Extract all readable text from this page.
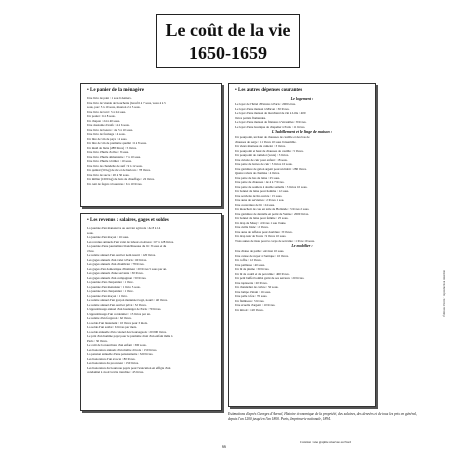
Le coût de la vie
1650-1659
• Le panier de la ménagère
Une livre de pain : 1 sou 6 deniers.
Une livre de viande de boucherie (bœuf 6 à 7 sous, veau 4 à 5
sous, porc 5 à 10 sous, mouton 2 à 5 sous.
Une livre de lard : 5 à 24 sous.
Un poulet : 6 à 8 sous.
Un chapon : 24 à 40 sous.
Une douzaine d'œufs : 4 à 6 sous.
Une livre de beurre : de 5 à 10 sous.
Une livre de fromage : 4 sous.
Un litre de vin de pays : 4 sous.
Un litre de vin de première qualité : 6 à 8 sous.
Un muid de bière (288 litres) : 5 livres.
Une livre d'huile d'olive : 8 sous.
Une livre d'huile alimentaire : 7 à 10 sous.
Une livre d'huile à brûler : 10 sous.
Une livre de chandelle de suif : 9 à 12 sous.
Un quintal (50 kg) de riz et de haricots : 78 livres.
Une livre de sucre : 20 à 50 sous.
Un millier (1000 kg) de bois de chauffage : 22 livres.
Un cent de fagots à bourrées : 6 à 10 livres.
• Les revenus : salaires, gages et soldes
La journée d'un manœuvre ou ouvrier agricole : de 8 à 14
sous.
La journée d'un maçon : 16 sous.
Les revenus annuels d'un valet de labour en Alsace : 67 à 128 livres.
La journée d'une journalière blanchisseuse du lit : 8 sous et du
vivre.
Le salaire annuel d'un ouvrier nom nourri : 120 livres.
Les gages annuels d'un valet à Paris : 60 livres.
Les gages annuels d'un chambrier : 78 livres.
Les gages d'un domestique d'intérieur : 20 livres 5 sous par an.
Les gages annuels d'une servante : 30 livres.
Les gages annuels d'un compagnon : 50 livres.
La journée d'un charpentier : 1 livre.
La journée d'un menuisier : 1 livre 5 sous.
La journée d'un charpentier : 1 livre.
La journée d'un maçon : 1 livre.
Le salaire annuel d'un garçon menuisier logé, nourri : 40 livres.
Le salaire annuel d'un ouvrier privé : 52 livres.
L'apprentissage annuel d'un boulanger de Paris : 79 livres.
L'apprentissage d'un cordonnier : 15 livres par an.
Le salaire d'un forgeron : 62 livres.
La solde d'un lieutenant : 10 livres pour 3 mois.
La solde d'un soldat : 6 livres par mois.
La solde annuelle d'un colonel des boursegeois : 20 000 livres.
Le prix d'un homme payé pour le première droit d'un enfant mâle à
Paris : 30 livres.
Le coût de la nourriture d'un enfant : 300 sous.
Les honoraires annuels d'un maître d'école : 150 livres.
La pension annuelle d'une pensionnaire : 320 livres.
Les honoraires d'un avocat : 80 livres.
Les honoraires du procureur : 150 livres.
Les honoraires du bourreau payés pour l'exécution en effigie d'un
condamné à avoir la tête tranchée : 45 livres.
• Les autres dépenses courantes
Le logement :
Le loyer de l'hôtel d'Estrées à Paris : 2000 écus.
Le loyer d'une maison à Mâcon : 30 livres.
Le loyer d'une maison de marchand de vin à Lille : 400
livres parisis flamandes.
Le loyer d'une maison de filatures à Versailles : 8 livres.
Le loyer d'une boutique de chapelier à Paris : 11 livres.
L'habillement et le linge de maison :
Un pourpoint, un haut de chausses de castille et des bas de
chausses de serge : 11 livres 10 sous l'ensemble.
Un vieux manteau de camelot : 3 livres.
Un pourpoint et haut de chausses de castille : 5 livres.
Un pourpoint de camelot (veste) : 3 livres.
Une culotte de cuir pour enfant : 18 sous.
Une paire de bottes de cuir : 5 livres 10 sous.
Une garniture de galon argent pour un habit : 280 livres.
Quatre rabats de chemise : 4 livres.
Une paire de bas de laine : 25 sous.
Une paire de chausses : de 4 à 7 livres.
Une paire de souliers à double semelle : 3 livres 10 sous.
Un bonnet de laine pour homme : 12 sous.
Une serviette de lin ouvrée : 15 sous.
Une aune de serviettes : 2 livres 1 sou.
Une couverture de lit : 24 sous.
Un mouchoir de cou en toile de Hollande : 5 livres 2 sous.
Une garniture de dentelle en point de Venise : 2000 livres.
Un bonnet de laine pour femme : 25 sous.
Un drap de Mouy : 4 livres 1 sou l'aune.
Une cuille blanc : 2 livres.
Une aune de taffetas pour doublure : 8 livres.
Un drap noir de Tours : 9 livres 10 sous.
Trois aunes de tissu pour le corps de servante : 1 livre 10 sous.
Le mobilier :
Une chaise de paille : environ 10 sous.
Une caisse de noyer à l'antique : 10 livres.
Un coffre : 12 livres.
Une paillasse : 40 sous.
Un lit de plume : 30 livres.
Un lit de coutil et de percaline : 400 livres.
Un petit buffet bombé garni de ses serrures : 20 livres.
Une tapisserie : 20 livres.
Un chandelier de cuivre : 50 sous.
Une lampe d'étain : 16 sous.
Une pelle à feu : 70 sous.
Un flambeau : 5 livres.
Une écuelle d'argent : 10 livres.
Un miroir : 120 livres.
Estimations d'après Georges d'Avenel, Histoire économique de la propriété, des salaires, des denrées et de tous les prix en général, depuis l'an 1200 jusqu'en l'an 1800. Paris, Imprimerie nationale, 1894.
Création : une graphie réservée au Nord
66
Éditions Perrin · reproduction interdite
